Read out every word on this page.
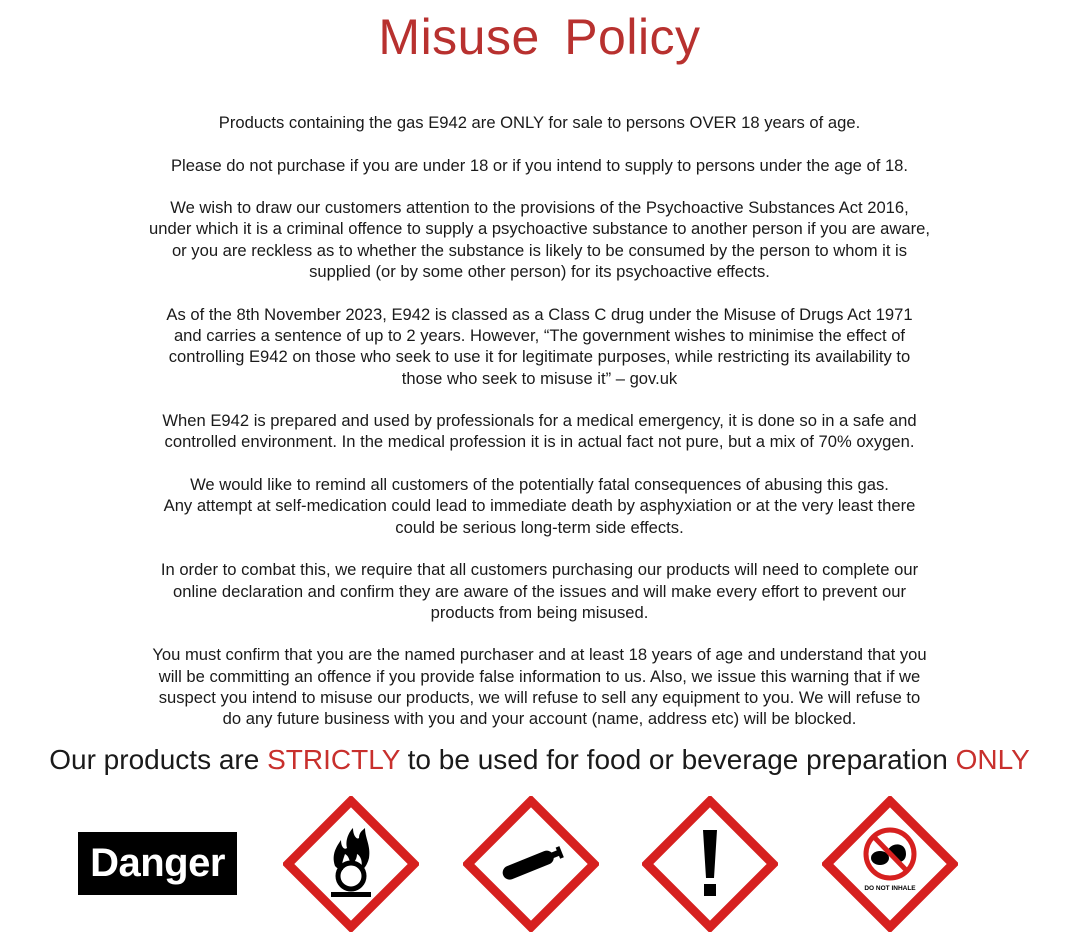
Misuse Policy

Products containing the gas E942 are ONLY for sale to persons OVER 18 years of age.

Please do not purchase if you are under 18 or if you intend to supply to persons under the age of 18.

We wish to draw our customers attention to the provisions of the Psychoactive Substances Act 2016,
under which it is a criminal offence to supply a psychoactive substance to another person if you are aware,
or you are reckless as to whether the substance is likely to be consumed by the person to whom it is
supplied (or by some other person) for its psychoactive effects.

As of the 8th November 2023, E942 is classed as a Class C drug under the Misuse of Drugs Act 1971
and carries a sentence of up to 2 years. However, “The government wishes to minimise the effect of
controlling E942 on those who seek to use it for legitimate purposes, while restricting its availability to
those who seek to misuse it” – gov.uk

When E942 is prepared and used by professionals for a medical emergency, it is done so in a safe and
controlled environment. In the medical profession it is in actual fact not pure, but a mix of 70% oxygen.

We would like to remind all customers of the potentially fatal consequences of abusing this gas.
Any attempt at self-medication could lead to immediate death by asphyxiation or at the very least there
could be serious long-term side effects.

In order to combat this, we require that all customers purchasing our products will need to complete our
online declaration and confirm they are aware of the issues and will make every effort to prevent our
products from being misused.

You must confirm that you are the named purchaser and at least 18 years of age and understand that you
will be committing an offence if you provide false information to us. Also, we issue this warning that if we
suspect you intend to misuse our products, we will refuse to sell any equipment to you. We will refuse to
do any future business with you and your account (name, address etc) will be blocked.

Our products are STRICTLY to be used for food or beverage preparation ONLY
Danger
DO NOT INHALE
